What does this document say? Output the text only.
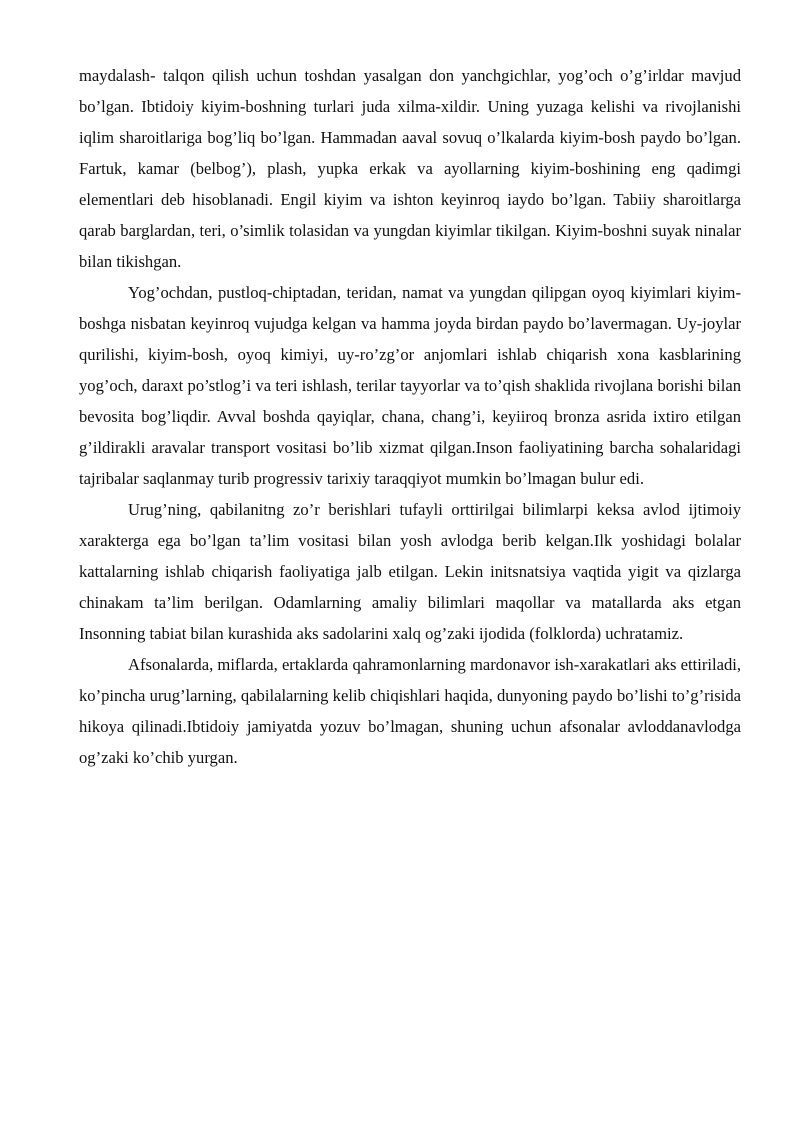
maydalash- talqon qilish uchun toshdan yasalgan don yanchgichlar, yog’och o’g’irldar mavjud bo’lgan. Ibtidoiy kiyim-boshning turlari juda xilma-xildir. Uning yuzaga kelishi va rivojlanishi iqlim sharoitlariga bog’liq bo’lgan. Hammadan aaval sovuq o’lkalarda kiyim-bosh paydo bo’lgan. Fartuk, kamar (belbog’), plash, yupka erkak va ayollarning kiyim-boshining eng qadimgi elementlari deb hisoblanadi. Engil kiyim va ishton keyinroq iaydo bo’lgan. Tabiiy sharoitlarga qarab barglardan, teri, o’simlik tolasidan va yungdan kiyimlar tikilgan. Kiyim-boshni suyak ninalar bilan tikishgan.

Yog’ochdan, pustloq-chiptadan, teridan, namat va yungdan qilipgan oyoq kiyimlari kiyim-boshga nisbatan keyinroq vujudga kelgan va hamma joyda birdan paydo bo’lavermagan. Uy-joylar qurilishi, kiyim-bosh, oyoq kimiyi, uy-ro’zg’or anjomlari ishlab chiqarish xona kasblarining yog’och, daraxt po’stlog’i va teri ishlash, terilar tayyorlar va to’qish shaklida rivojlana borishi bilan bevosita bog’liqdir. Avval boshda qayiqlar, chana, chang’i, keyiiroq bronza asrida ixtiro etilgan g’ildirakli aravalar transport vositasi bo’lib xizmat qilgan.Inson faoliyatining barcha sohalaridagi tajribalar saqlanmay turib progressiv tarixiy taraqqiyot mumkin bo’lmagan bulur edi.

Urug’ning, qabilanitng zo’r berishlari tufayli orttirilgai bilimlarpi keksa avlod ijtimoiy xarakterga ega bo’lgan ta’lim vositasi bilan yosh avlodga berib kelgan.Ilk yoshidagi bolalar kattalarning ishlab chiqarish faoliyatiga jalb etilgan. Lekin initsnatsiya vaqtida yigit va qizlarga chinakam ta’lim berilgan. Odamlarning amaliy bilimlari maqollar va matallarda aks etgan Insonning tabiat bilan kurashida aks sadolarini xalq og’zaki ijodida (folklorda) uchratamiz.

Afsonalarda, miflarda, ertaklarda qahramonlarning mardonavor ish-xarakatlari aks ettiriladi, ko’pincha urug’larning, qabilalarning kelib chiqishlari haqida, dunyoning paydo bo’lishi to’g’risida hikoya qilinadi.Ibtidoiy jamiyatda yozuv bo’lmagan, shuning uchun afsonalar avloddanavlodga og’zaki ko’chib yurgan.
